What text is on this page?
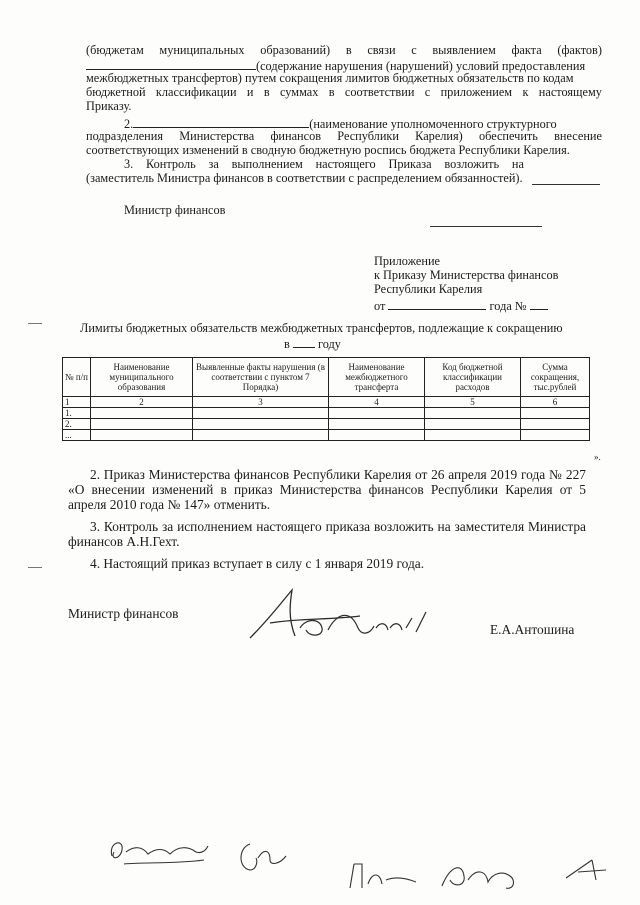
(бюджетам муниципальных образований) в связи с выявлением факта (фактов)
(содержание нарушения (нарушений) условий предоставления
межбюджетных трансфертов) путем сокращения лимитов бюджетных обязательств по кодам
бюджетной классификации и в суммах в соответствии с приложением к настоящему
Приказу.
2.	(наименование уполномоченного структурного
подразделения Министерства финансов Республики Карелия) обеспечить внесение
соответствующих изменений в сводную бюджетную роспись бюджета Республики Карелия.
3. Контроль за выполнением настоящего Приказа возложить на
(заместитель Министра финансов в соответствии с распределением обязанностей).
Министр финансов
Приложение
к Приказу Министерства финансов
Республики Карелия
от	года №
Лимиты бюджетных обязательств межбюджетных трансфертов, подлежащие к сокращению
в году
№ п/п	Наименование муниципального образования	Выявленные факты нарушения (в соответствии с пунктом 7 Порядка)	Наименование межбюджетного трансферта	Код бюджетной классификации расходов	Сумма сокращения, тыс.рублей
1	2	3	4	5	6
1.					
2.					
...					
».

2. Приказ Министерства финансов Республики Карелия от 26 апреля 2019 года № 227 «О внесении изменений в приказ Министерства финансов Республики Карелия от 5 апреля 2010 года № 147» отменить.

3. Контроль за исполнением настоящего приказа возложить на заместителя Министра финансов А.Н.Гехт.

4. Настоящий приказ вступает в силу с 1 января 2019 года.

Министр финансов
Е.А.Антошина
